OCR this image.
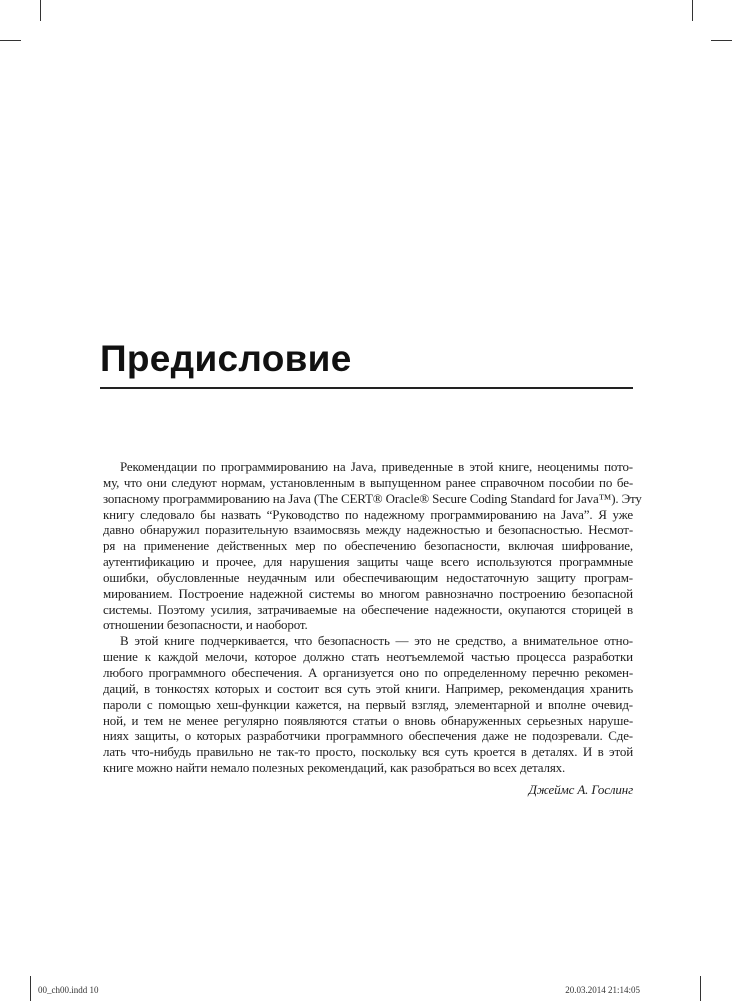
Предисловие
Рекомендации по программированию на Java, приведенные в этой книге, неоценимы пото-
му, что они следуют нормам, установленным в выпущенном ранее справочном пособии по бе-
зопасному программированию на Java (The CERT® Oracle® Secure Coding Standard for Java™). Эту
книгу следовало бы назвать “Руководство по надежному программированию на Java”. Я уже
давно обнаружил поразительную взаимосвязь между надежностью и безопасностью. Несмот-
ря на применение действенных мер по обеспечению безопасности, включая шифрование,
аутентификацию и прочее, для нарушения защиты чаще всего используются программные
ошибки, обусловленные неудачным или обеспечивающим недостаточную защиту програм-
мированием. Построение надежной системы во многом равнозначно построению безопасной
системы. Поэтому усилия, затрачиваемые на обеспечение надежности, окупаются сторицей в
отношении безопасности, и наоборот.
В этой книге подчеркивается, что безопасность — это не средство, а внимательное отно-
шение к каждой мелочи, которое должно стать неотъемлемой частью процесса разработки
любого программного обеспечения. А организуется оно по определенному перечню рекомен-
даций, в тонкостях которых и состоит вся суть этой книги. Например, рекомендация хранить
пароли с помощью хеш-функции кажется, на первый взгляд, элементарной и вполне очевид-
ной, и тем не менее регулярно появляются статьи о вновь обнаруженных серьезных наруше-
ниях защиты, о которых разработчики программного обеспечения даже не подозревали. Сде-
лать что-нибудь правильно не так-то просто, поскольку вся суть кроется в деталях. И в этой
книге можно найти немало полезных рекомендаций, как разобраться во всех деталях.
Джеймс А. Гослинг
00_ch00.indd 10	20.03.2014 21:14:05
